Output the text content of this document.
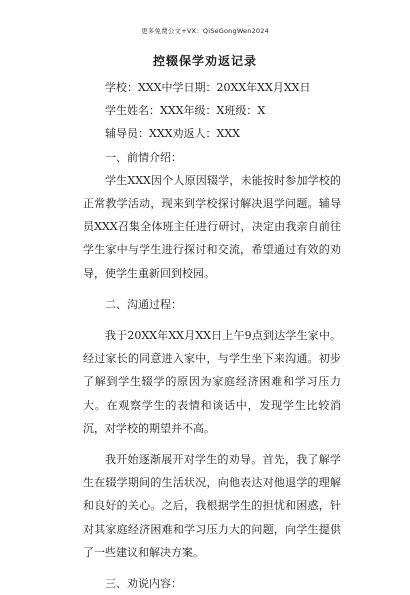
更多免费公文+VX：QiSeGongWen2024
控辍保学劝返记录

学校：XXX中学日期：20XX年XX月XX日

学生姓名：XXX年级：X班级：X

辅导员：XXX劝返人：XXX

一、前情介绍：

学生XXX因个人原因辍学，未能按时参加学校的正常教学活动，现来到学校探讨解决退学问题。辅导员XXX召集全体班主任进行研讨，决定由我亲自前往学生家中与学生进行探讨和交流，希望通过有效的劝导，使学生重新回到校园。

二、沟通过程：

我于20XX年XX月XX日上午9点到达学生家中。经过家长的同意进入家中，与学生坐下来沟通。初步了解到学生辍学的原因为家庭经济困难和学习压力大。在观察学生的表情和谈话中，发现学生比较消沉，对学校的期望并不高。

我开始逐渐展开对学生的劝导。首先，我了解学生在辍学期间的生活状况，向他表达对他退学的理解和良好的关心。之后，我根据学生的担忧和困惑，针对其家庭经济困难和学习压力大的问题，向学生提供了一些建议和解决方案。

三、劝说内容：
